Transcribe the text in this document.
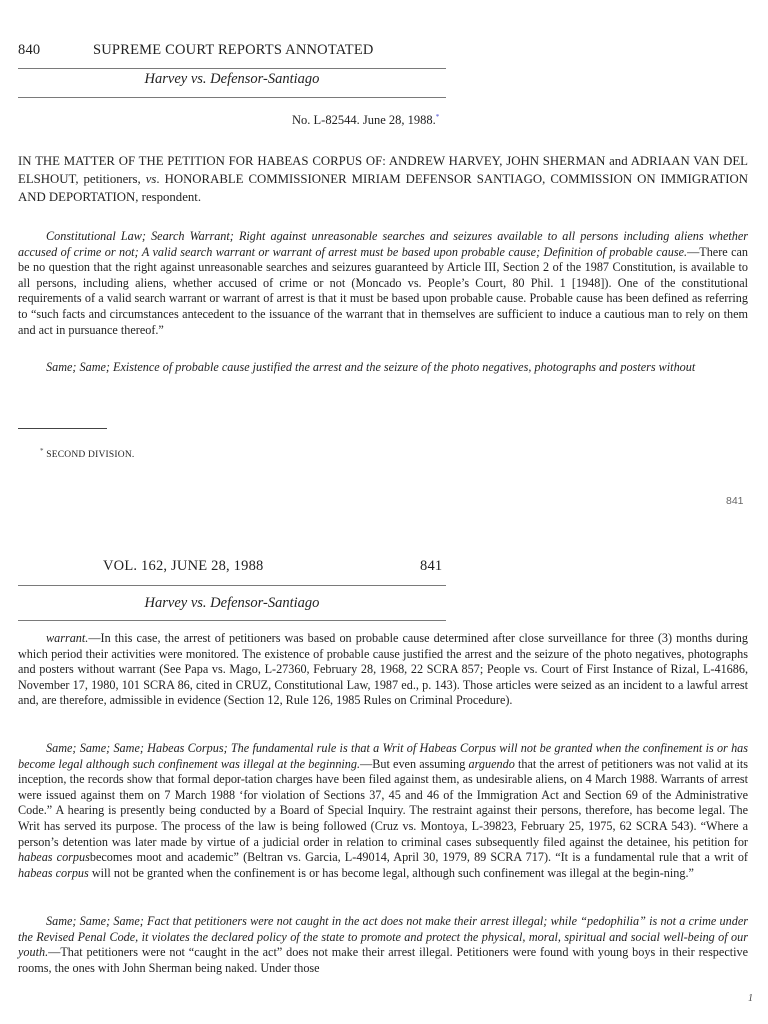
840	SUPREME COURT REPORTS ANNOTATED
Harvey vs. Defensor-Santiago
No. L-82544. June 28, 1988.*

IN THE MATTER OF THE PETITION FOR HABEAS CORPUS OF: ANDREW HARVEY, JOHN SHERMAN and ADRIAAN VAN DEL ELSHOUT, petitioners, vs. HONORABLE COMMISSIONER MIRIAM DEFENSOR SANTIAGO, COMMISSION ON IMMIGRATION AND DEPORTATION, respondent.

Constitutional Law; Search Warrant; Right against unreasonable searches and seizures available to all persons including aliens whether accused of crime or not; A valid search warrant or warrant of arrest must be based upon probable cause; Definition of probable cause.—There can be no question that the right against unreasonable searches and seizures guaranteed by Article III, Section 2 of the 1987 Constitution, is available to all persons, including aliens, whether accused of crime or not (Moncado vs. People’s Court, 80 Phil. 1 [1948]). One of the constitutional requirements of a valid search warrant or warrant of arrest is that it must be based upon probable cause. Probable cause has been defined as referring to “such facts and circumstances antecedent to the issuance of the warrant that in themselves are sufficient to induce a cautious man to rely on them and act in pursuance thereof.”

Same; Same; Existence of probable cause justified the arrest and the seizure of the photo negatives, photographs and posters without

* SECOND DIVISION.
841
VOL. 162, JUNE 28, 1988	841
Harvey vs. Defensor-Santiago

warrant.—In this case, the arrest of petitioners was based on probable cause determined after close surveillance for three (3) months during which period their activities were monitored. The existence of probable cause justified the arrest and the seizure of the photo negatives, photographs and posters without warrant (See Papa vs. Mago, L-27360, February 28, 1968, 22 SCRA 857; People vs. Court of First Instance of Rizal, L-41686, November 17, 1980, 101 SCRA 86, cited in CRUZ, Constitutional Law, 1987 ed., p. 143). Those articles were seized as an incident to a lawful arrest and, are therefore, admissible in evidence (Section 12, Rule 126, 1985 Rules on Criminal Procedure).

Same; Same; Same; Habeas Corpus; The fundamental rule is that a Writ of Habeas Corpus will not be granted when the confinement is or has become legal although such confinement was illegal at the beginning.—But even assuming arguendo that the arrest of petitioners was not valid at its inception, the records show that formal depor-tation charges have been filed against them, as undesirable aliens, on 4 March 1988. Warrants of arrest were issued against them on 7 March 1988 ‘for violation of Sections 37, 45 and 46 of the Immigration Act and Section 69 of the Administrative Code.” A hearing is presently being conducted by a Board of Special Inquiry. The restraint against their persons, therefore, has become legal. The Writ has served its purpose. The process of the law is being followed (Cruz vs. Montoya, L-39823, February 25, 1975, 62 SCRA 543). “Where a person’s detention was later made by virtue of a judicial order in relation to criminal cases subsequently filed against the detainee, his petition for habeas corpusbecomes moot and academic” (Beltran vs. Garcia, L-49014, April 30, 1979, 89 SCRA 717). “It is a fundamental rule that a writ of habeas corpus will not be granted when the confinement is or has become legal, although such confinement was illegal at the begin-ning.”

Same; Same; Same; Fact that petitioners were not caught in the act does not make their arrest illegal; while “pedophilia” is not a crime under the Revised Penal Code, it violates the declared policy of the state to promote and protect the physical, moral, spiritual and social well-being of our youth.—That petitioners were not “caught in the act” does not make their arrest illegal. Petitioners were found with young boys in their respective rooms, the ones with John Sherman being naked. Under those

1
